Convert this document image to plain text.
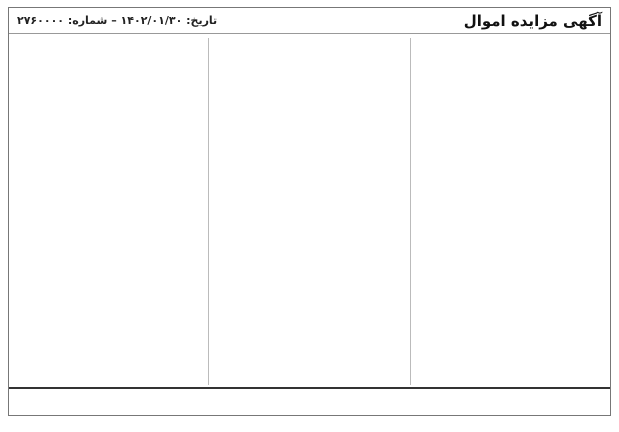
آگهی مزایده اموال
تاریخ: ۱۴۰۲/۰۱/۳۰ – شماره: ۲۷۶۰۰۰۰
